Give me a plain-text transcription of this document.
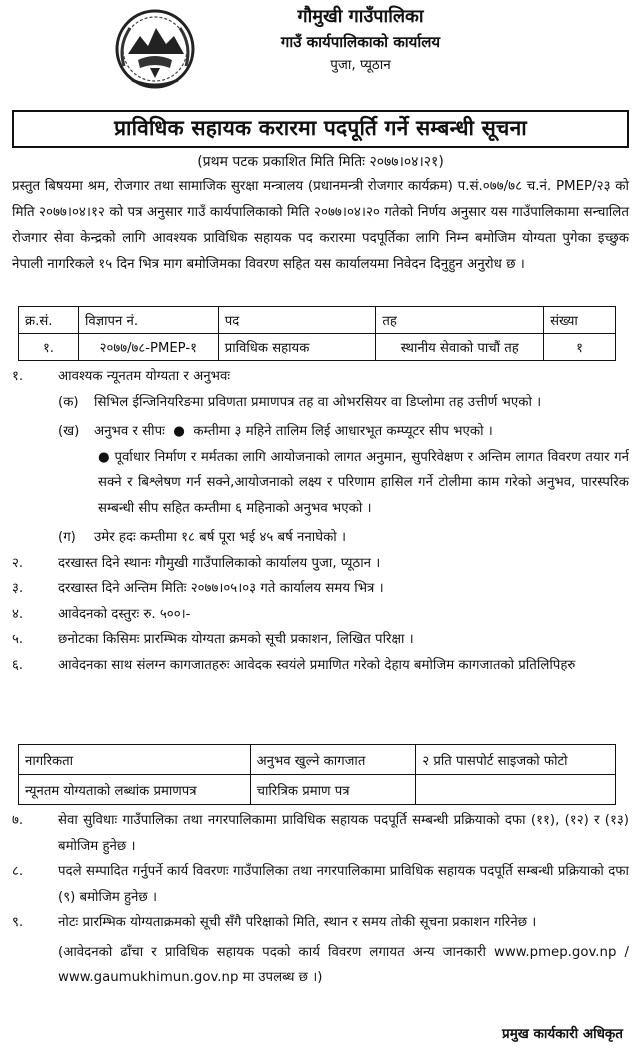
गौमुखी गाउँपालिका
गाउँ कार्यपालिकाको कार्यालय
पुजा, प्यूठान
प्राविधिक सहायक करारमा पदपूर्ति गर्ने सम्बन्धी सूचना
(प्रथम पटक प्रकाशित मिति मितिः २०७७।०४।२१)
प्रस्तुत बिषयमा श्रम, रोजगार तथा सामाजिक सुरक्षा मन्त्रालय (प्रधानमन्त्री रोजगार कार्यक्रम) प.सं.०७७/७८ च.नं. PMEP/२३ को मिति २०७७।०४।१२ को पत्र अनुसार गाउँ कार्यपालिकाको मिति २०७७।०४।२० गतेको निर्णय अनुसार यस गाउँपालिकामा सन्चालित रोजगार सेवा केन्द्रको लागि आवश्यक प्राविधिक सहायक पद करारमा पदपूर्तिका लागि निम्न बमोजिम योग्यता पुगेका इच्छुक नेपाली नागरिकले १५ दिन भित्र माग बमोजिमका विवरण सहित यस कार्यालयमा निवेदन दिनुहुन अनुरोध छ ।
क्र.सं.	विज्ञापन नं.	पद	तह	संख्या
१.	२०७७/७८-PMEP-१	प्राविधिक सहायक	स्थानीय सेवाको पाचौं तह	१
१.	आवश्यक न्यूनतम योग्यता र अनुभवः
(क)	सिभिल ईन्जिनियरिङमा प्रविणता प्रमाणपत्र तह वा ओभरसियर वा डिप्लोमा तह उत्तीर्ण भएको ।
(ख)	अनुभव र सीपः  ●  कम्तीमा ३ महिने तालिम लिई आधारभूत कम्प्यूटर सीप भएको ।
● पूर्वाधार निर्माण र मर्मतका लागि आयोजनाको लागत अनुमान, सुपरिवेक्षण र अन्तिम लागत विवरण तयार गर्न सक्ने र बिश्लेषण गर्न सक्ने,आयोजनाको लक्ष्य र परिणाम हासिल गर्ने टोलीमा काम गरेको अनुभव, पारस्परिक सम्बन्धी सीप सहित कम्तीमा ६ महिनाको अनुभव भएको ।
(ग)	उमेर हदः कम्तीमा १८ बर्ष पूरा भई ४५ बर्ष ननाघेको ।
२.	दरखास्त दिने स्थानः गौमुखी गाउँपालिकाको कार्यालय पुजा, प्यूठान ।
३.	दरखास्त दिने अन्तिम मितिः २०७७।०५।०३ गते कार्यालय समय भित्र ।
४.	आवेदनको दस्तुरः रु. ५००।-
५.	छनोटका किसिमः प्रारम्भिक योग्यता क्रमको सूची प्रकाशन, लिखित परिक्षा ।
६.	आवेदनका साथ संलग्न कागजातहरुः आवेदक स्वयंले प्रमाणित गरेको देहाय बमोजिम कागजातको प्रतिलिपिहरु
नागरिकता	अनुभव खुल्ने कागजात	२ प्रति पासपोर्ट साइजको फोटो
न्यूनतम योग्यताको लब्धांक प्रमाणपत्र	चारित्रिक प्रमाण पत्र	
७.	सेवा सुविधाः गाउँपालिका तथा नगरपालिकामा प्राविधिक सहायक पदपूर्ति सम्बन्धी प्रक्रियाको दफा (११), (१२) र (१३) बमोजिम हुनेछ ।
८.	पदले सम्पादित गर्नुपर्ने कार्य विवरणः गाउँपालिका तथा नगरपालिकामा प्राविधिक सहायक पदपूर्ति सम्बन्धी प्रक्रियाको दफा (९) बमोजिम हुनेछ ।
९.	नोटः प्रारम्भिक योग्यताक्रमको सूची सँगै परिक्षाको मिति, स्थान र समय तोकी सूचना प्रकाशन गरिनेछ ।
(आवेदनको ढाँचा र प्राविधिक सहायक पदको कार्य विवरण लगायत अन्य जानकारी www.pmep.gov.np / www.gaumukhimun.gov.np मा उपलब्ध छ ।)
प्रमुख कार्यकारी अधिकृत
